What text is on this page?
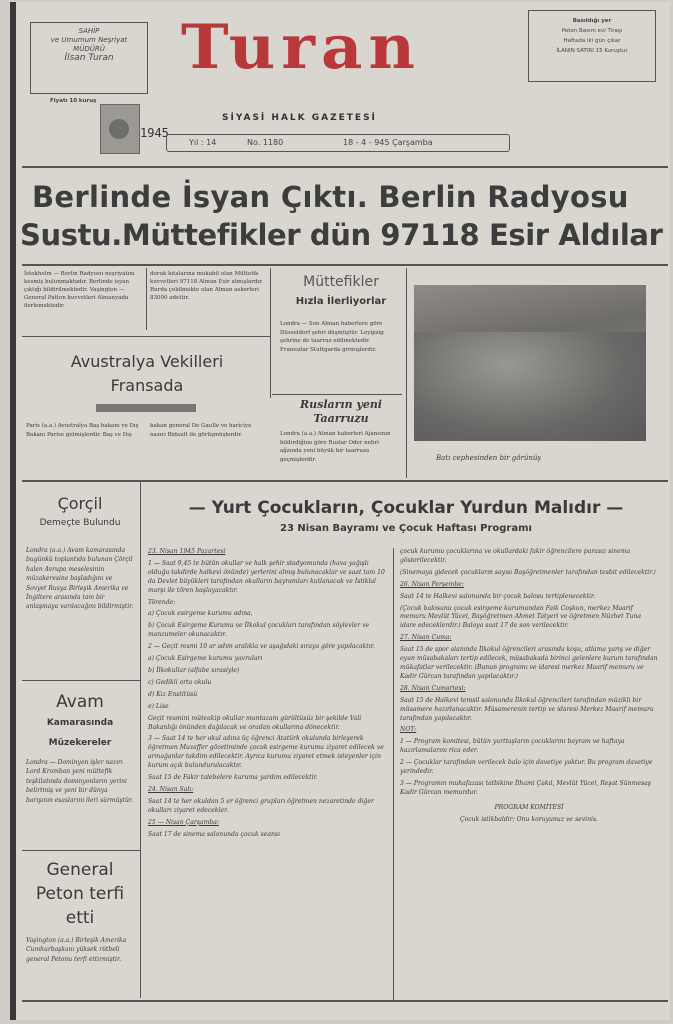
SAHİP
ve Umumum Neşriyat
MÜDÜRÜ
İlsan Turan	Turan	Basıldığı yer
Peton Basım evi Tiraşı
Haftada iki gün çıkar
İLANIN SATIRI 15 Kuruştur
Fiyatı 10 kuruş
1945
SİYASİ HALK GAZETESİ
Yıl : 14	No. 1180	18 - 4 - 945 Çarşamba
Berlinde İsyan Çıktı. Berlin Radyosu
Sustu.Müttefikler dün 97118 Esir Aldılar

İstokholm — Berlin Radyosu neşriyatını kesmiş bulunmaktadır. Berlinde isyan çıktığı bildirilmektedir. Vaşington — General Patton kuvvetleri Almanyada ilerlemektedir.

doruk kıtalarına mukabil olan Müttefik kuvvetleri 97118 Alman Esir almışlardır. Rurda çekilmekte olan Alman askerleri 83000 adettir.

Müttefikler
Hızla İlerliyorlar
Londra — Son Alman haberlere göre Düsseldorf şehri düşmüştür. Leyipzig şehrine de taarruz edilmektedir. Fransızlar Stuttgarda girmişlerdir.
Rusların yeni
Taarruzu
Londra (a.a.) Alman haberleri Ajansının bildirdiğine göre Ruslar Oder nehri ağzında yeni büyük bir taarruza geçmişlerdir.	Batı cephesinden bir görünüş
Avustralya Vekilleri
Fransada
Paris (a.a.) Avustralya Baş bakanı ve Dış Bakanı Parise gelmişlerdir. Baş ve Dış bakan general De Gaulle ve hariciye nazırı Bidault ile görüşmüşlerdir.
Çorçil
Demeçte Bulundu
Londra (a.a.) Avam kamarasında bugünkü toplantıda bulunan Çörçil halen Avrupa meselesinin müzakeresine başladığını ve Sovyet Rusya Birleşik Amerika ve İngiltere arasında tam bir anlaşmaya varılacağını bildirmiştir.
Avam
Kamarasında
Müzekereler
Londra — Dominyon işler nazırı Lord Kromban yeni müttefik teşkilatında dominyonların yerini belirtmiş ve yeni bir dünya barışının esaslarını ileri sürmüştür.
General
Peton terfi
etti
Vaşington (a.a.) Birleşik Amerika Cumhurbaşkanı yüksek rütbeli general Petonu terfi ettirmiştir.
— Yurt Çocukların, Çocuklar Yurdun Malıdır —
23 Nisan Bayramı ve Çocuk Haftası Programı

23. Nisan 1945 Pazartesi

1 — Saat 9,45 te bütün okullar ve halk şehir stadyomunda (hava yağışlı olduğu takdirde halkevi önünde) yerlerini almış bulunacaklar ve saat tam 10 da Devlet büyükleri tarafından okulların bayramları kutlanacak ve İstiklal marşı ile tören başlayacaktır.

Törende:

a) Çocuk esirgeme kurumu adına,

b) Çocuk Esirgeme Kurumu ve İlkokul çocukları tarafından söylevler ve manzumeler okunacaktır.

2 — Geçit resmi 10 ar adım aralıkla ve aşağıdaki sıraya göre yapılacaktır.

a) Çocuk Esirgeme kurumu yavruları

b) İlkokullar (alfabe sırasiyle)

c) Gedikli orta okulu

d) Kız Enstitüsü

e) Lise

Geçit resmini müteakip okullar muntazam gürültüsüz bir şekilde Vali Bakanlığı önünden dağılacak ve oradan okullarına dönecektir.

3 — Saat 14 te her okul adına üç öğrenci Atatürk okulunda birleşerek öğretmen Muzaffer gözetiminde çocuk esirgeme kurumu ziyaret edilecek ve armağanlar takdim edilecektir. Ayrıca kurumu ziyaret etmek isteyenler için kurum açık bulundurulacaktır.

Saat 15 de Fakir talebelere kuruma yardım edilecektir.

24. Nisan Salı:

Saat 14 te her okuldan 5 er öğrenci grupları öğretmen nezaretinde diğer okulları ziyaret edecekler.

25 — Nisan Çarşamba:

Saat 17 de sinema salonunda çocuk seansı

çocuk kurumu çocuklarına ve okullardaki fakir öğrencilere parasız sinema gösterilecektir.

(Sinemaya gidecek çocukların sayısı Başöğretmenler tarafından tesbit edilecektir.)

26. Nisan Perşembe:

Saat 14 te Halkevi salonunda bir çocuk balosu tertiplenecektir.

(Çocuk balosunu çocuk esirgeme kurumundan Faik Coşkun, merkez Maarif memuru Mevlüt Yücel, Başöğretmen Ahmet Tatyeri ve öğretmen Nüzhet Tuna idare edeceklerdir.) Baloya saat 17 de son verilecektir.

27. Nisan Cuma:

Saat 15 de spor alanında İlkokul öğrencileri arasında koşu, atlama yarış ve diğer oyun müsabakaları tertip edilecek, müsabakada birinci gelenlere kurum tarafından mükafatlar verilecektir. (Bunun programı ve idaresi merkez Maarif memuru ve Kadir Gürcan tarafından yapılacaktır.)

28. Nisan Cumartesi:

Saat 15 de Halkevi temsil salonunda İlkokul öğrencileri tarafından müzikli bir müsamere hazırlanacaktır. Müsamerenin tertip ve idaresi Merkez Maarif memuru tarafından yapılacaktır.

NOT:

1 — Program komitesi, bütün yurttaşların çocuklarını bayram ve haftaya hazırlamalarını rica eder.

2 — Çocuklar tarafından verilecek balo için davetiye yoktur. Bu program davetiye yerindedir.

3 — Programın muhafazası tatbikine İlhami Çakıl, Mevlüt Yücel, Reşat Sünmesaş Kadir Gürcan memurdur.

PROGRAM KOMİTESİ

Çocuk istikbaldir; Onu koruyunuz ve sevinis.
